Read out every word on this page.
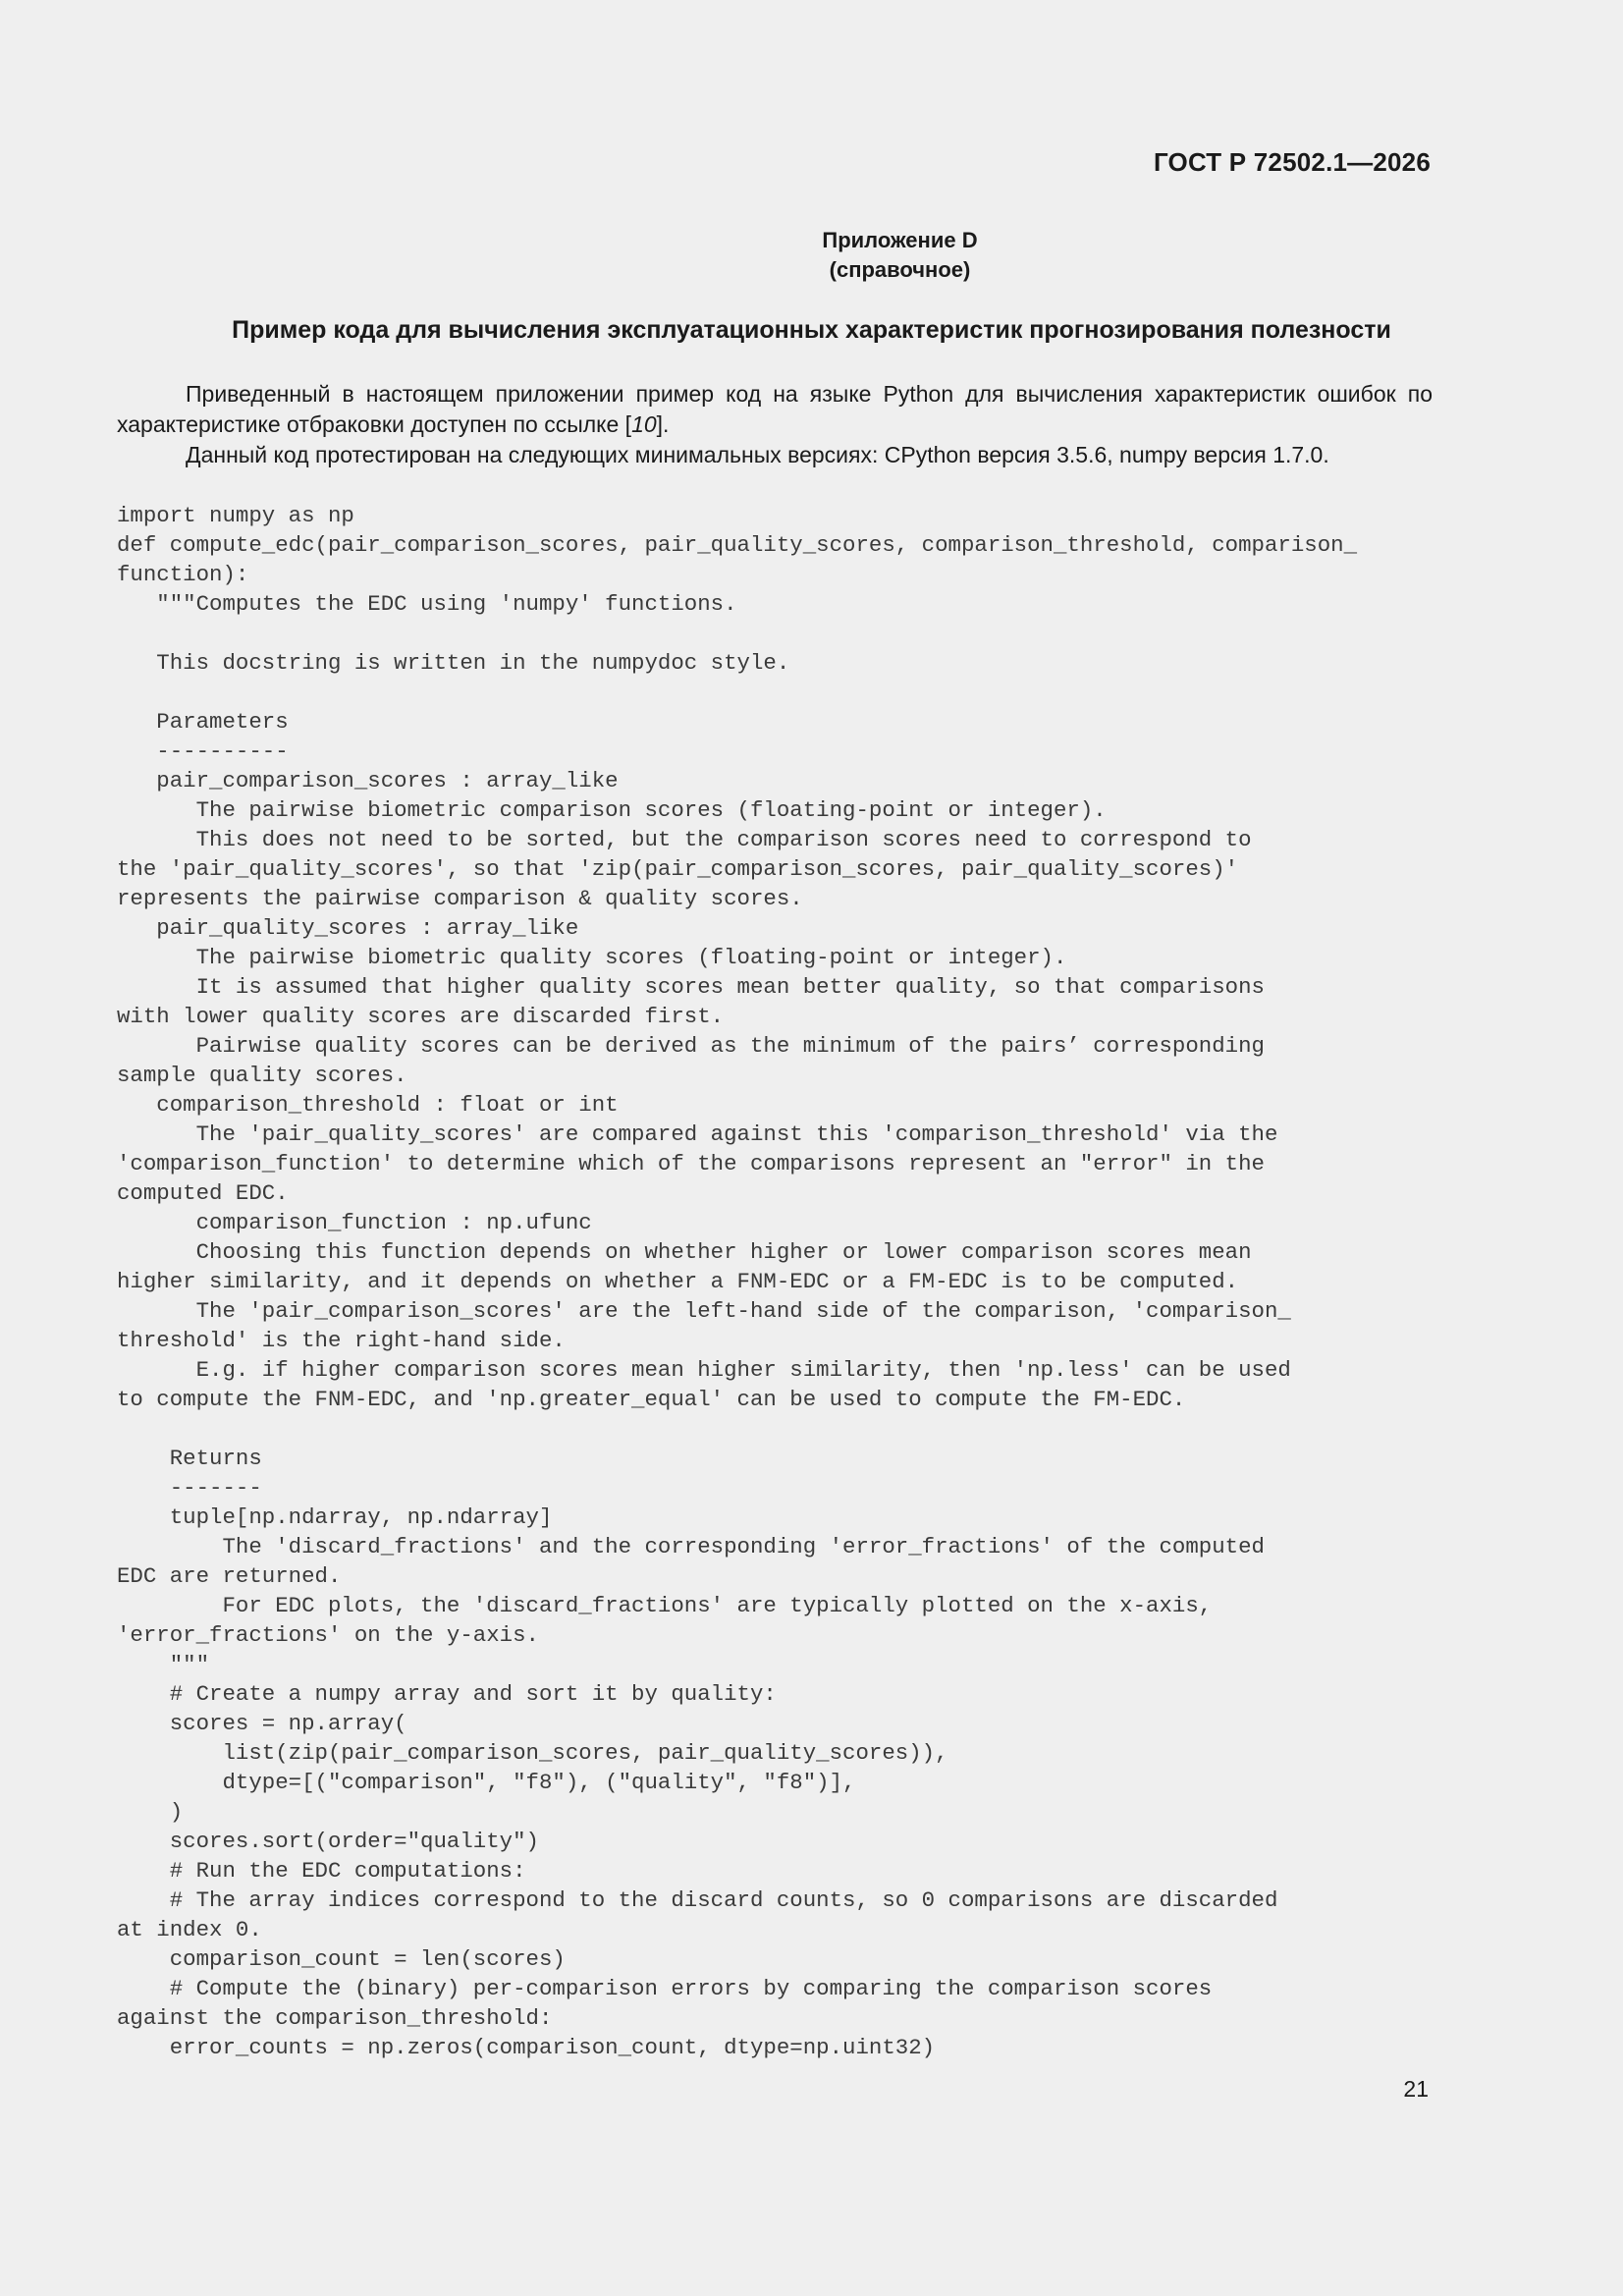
ГОСТ Р 72502.1—2026
Приложение D
(справочное)
Пример кода для вычисления эксплуатационных характеристик прогнозирования полезности

Приведенный в настоящем приложении пример код на языке Python для вычисления характеристик ошибок по характеристике отбраковки доступен по ссылке [10].

Данный код протестирован на следующих минимальных версиях: CPython версия 3.5.6, numpy версия 1.7.0.

import numpy as np
def compute_edc(pair_comparison_scores, pair_quality_scores, comparison_threshold, comparison_
function):
"""Computes the EDC using 'numpy' functions.
This docstring is written in the numpydoc style.
Parameters
----------
pair_comparison_scores : array_like
The pairwise biometric comparison scores (floating-point or integer).
This does not need to be sorted, but the comparison scores need to correspond to
the 'pair_quality_scores', so that 'zip(pair_comparison_scores, pair_quality_scores)'
represents the pairwise comparison & quality scores.
pair_quality_scores : array_like
The pairwise biometric quality scores (floating-point or integer).
It is assumed that higher quality scores mean better quality, so that comparisons
with lower quality scores are discarded first.
Pairwise quality scores can be derived as the minimum of the pairs’ corresponding
sample quality scores.
comparison_threshold : float or int
The 'pair_quality_scores' are compared against this 'comparison_threshold' via the
'comparison_function' to determine which of the comparisons represent an "error" in the
computed EDC.
comparison_function : np.ufunc
Choosing this function depends on whether higher or lower comparison scores mean
higher similarity, and it depends on whether a FNM-EDC or a FM-EDC is to be computed.
The 'pair_comparison_scores' are the left-hand side of the comparison, 'comparison_
threshold' is the right-hand side.
E.g. if higher comparison scores mean higher similarity, then 'np.less' can be used
to compute the FNM-EDC, and 'np.greater_equal' can be used to compute the FM-EDC.
Returns
-------
tuple[np.ndarray, np.ndarray]
The 'discard_fractions' and the corresponding 'error_fractions' of the computed
EDC are returned.
For EDC plots, the 'discard_fractions' are typically plotted on the x-axis,
'error_fractions' on the y-axis.
"""
# Create a numpy array and sort it by quality:
scores = np.array(
list(zip(pair_comparison_scores, pair_quality_scores)),
dtype=[("comparison", "f8"), ("quality", "f8")],
)
scores.sort(order="quality")
# Run the EDC computations:
# The array indices correspond to the discard counts, so 0 comparisons are discarded
at index 0.
comparison_count = len(scores)
# Compute the (binary) per-comparison errors by comparing the comparison scores
against the comparison_threshold:
error_counts = np.zeros(comparison_count, dtype=np.uint32)
21
